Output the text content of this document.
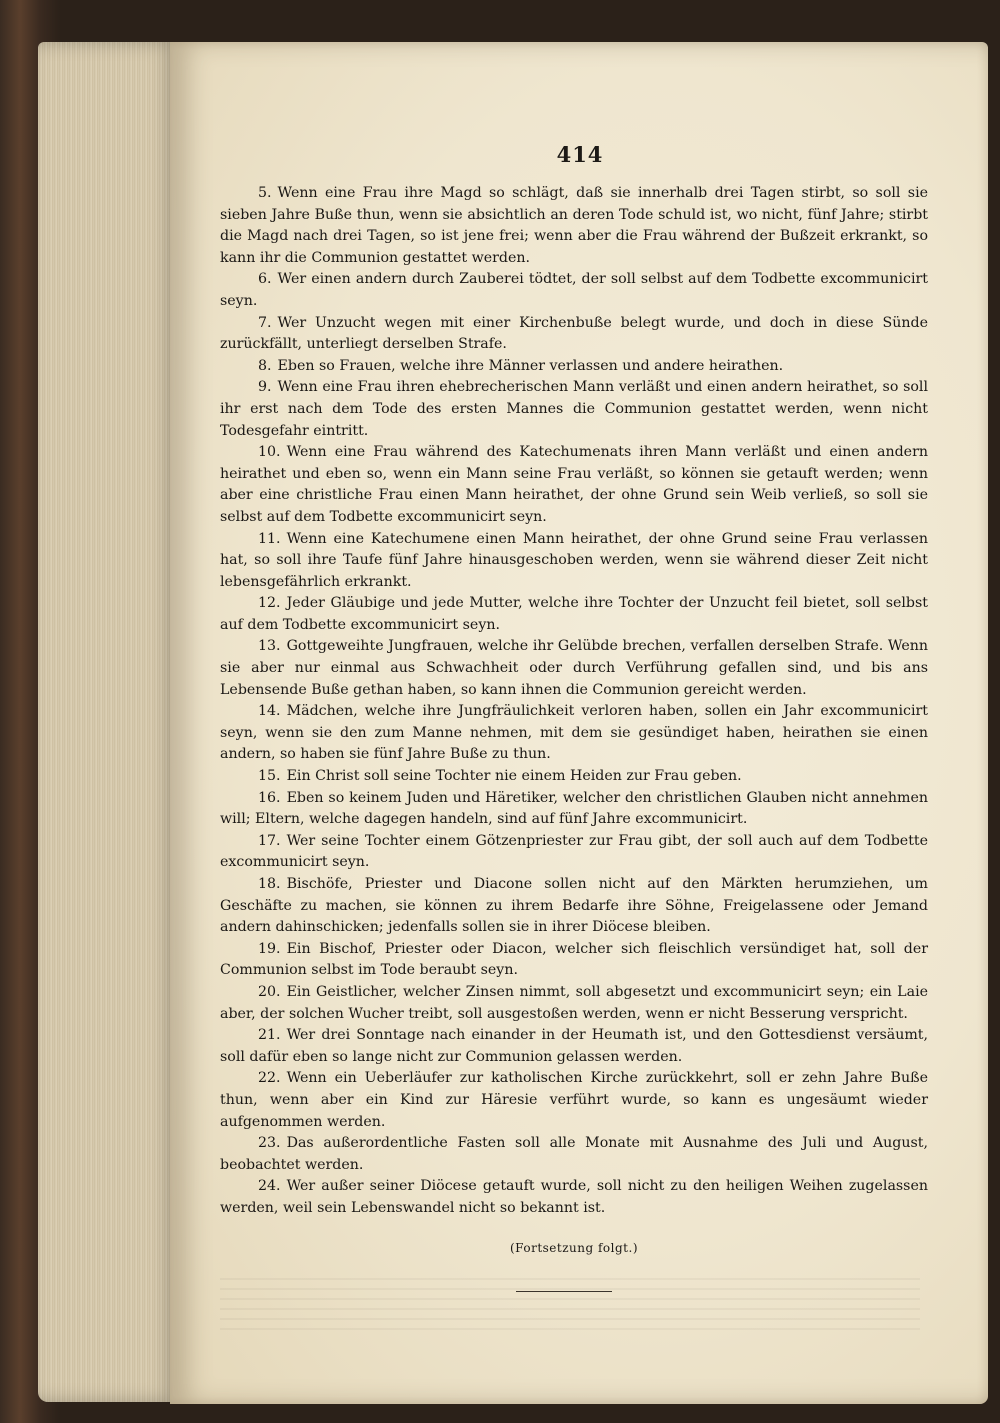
414

5. Wenn eine Frau ihre Magd so schlägt, daß sie innerhalb drei Tagen stirbt, so soll sie sieben Jahre Buße thun, wenn sie absichtlich an deren Tode schuld ist, wo nicht, fünf Jahre; stirbt die Magd nach drei Tagen, so ist jene frei; wenn aber die Frau während der Bußzeit erkrankt, so kann ihr die Communion gestattet werden.

6. Wer einen andern durch Zauberei tödtet, der soll selbst auf dem Todbette excommunicirt seyn.

7. Wer Unzucht wegen mit einer Kirchenbuße belegt wurde, und doch in diese Sünde zurückfällt, unterliegt derselben Strafe.

8. Eben so Frauen, welche ihre Männer verlassen und andere heirathen.

9. Wenn eine Frau ihren ehebrecherischen Mann verläßt und einen andern heirathet, so soll ihr erst nach dem Tode des ersten Mannes die Communion gestattet werden, wenn nicht Todesgefahr eintritt.

10. Wenn eine Frau während des Katechumenats ihren Mann verläßt und einen andern heirathet und eben so, wenn ein Mann seine Frau verläßt, so können sie getauft werden; wenn aber eine christliche Frau einen Mann heirathet, der ohne Grund sein Weib verließ, so soll sie selbst auf dem Todbette excommunicirt seyn.

11. Wenn eine Katechumene einen Mann heirathet, der ohne Grund seine Frau verlassen hat, so soll ihre Taufe fünf Jahre hinausgeschoben werden, wenn sie während dieser Zeit nicht lebensgefährlich erkrankt.

12. Jeder Gläubige und jede Mutter, welche ihre Tochter der Unzucht feil bietet, soll selbst auf dem Todbette excommunicirt seyn.

13. Gottgeweihte Jungfrauen, welche ihr Gelübde brechen, verfallen derselben Strafe. Wenn sie aber nur einmal aus Schwachheit oder durch Verführung gefallen sind, und bis ans Lebensende Buße gethan haben, so kann ihnen die Communion gereicht werden.

14. Mädchen, welche ihre Jungfräulichkeit verloren haben, sollen ein Jahr excommunicirt seyn, wenn sie den zum Manne nehmen, mit dem sie gesündiget haben, heirathen sie einen andern, so haben sie fünf Jahre Buße zu thun.

15. Ein Christ soll seine Tochter nie einem Heiden zur Frau geben.

16. Eben so keinem Juden und Häretiker, welcher den christlichen Glauben nicht annehmen will; Eltern, welche dagegen handeln, sind auf fünf Jahre excommunicirt.

17. Wer seine Tochter einem Götzenpriester zur Frau gibt, der soll auch auf dem Todbette excommunicirt seyn.

18. Bischöfe, Priester und Diacone sollen nicht auf den Märkten herumziehen, um Geschäfte zu machen, sie können zu ihrem Bedarfe ihre Söhne, Freigelassene oder Jemand andern dahinschicken; jedenfalls sollen sie in ihrer Diöcese bleiben.

19. Ein Bischof, Priester oder Diacon, welcher sich fleischlich versündiget hat, soll der Communion selbst im Tode beraubt seyn.

20. Ein Geistlicher, welcher Zinsen nimmt, soll abgesetzt und excommunicirt seyn; ein Laie aber, der solchen Wucher treibt, soll ausgestoßen werden, wenn er nicht Besserung verspricht.

21. Wer drei Sonntage nach einander in der Heumath ist, und den Gottesdienst versäumt, soll dafür eben so lange nicht zur Communion gelassen werden.

22. Wenn ein Ueberläufer zur katholischen Kirche zurückkehrt, soll er zehn Jahre Buße thun, wenn aber ein Kind zur Häresie verführt wurde, so kann es ungesäumt wieder aufgenommen werden.

23. Das außerordentliche Fasten soll alle Monate mit Ausnahme des Juli und August, beobachtet werden.

24. Wer außer seiner Diöcese getauft wurde, soll nicht zu den heiligen Weihen zugelassen werden, weil sein Lebenswandel nicht so bekannt ist.

(Fortsetzung folgt.)
